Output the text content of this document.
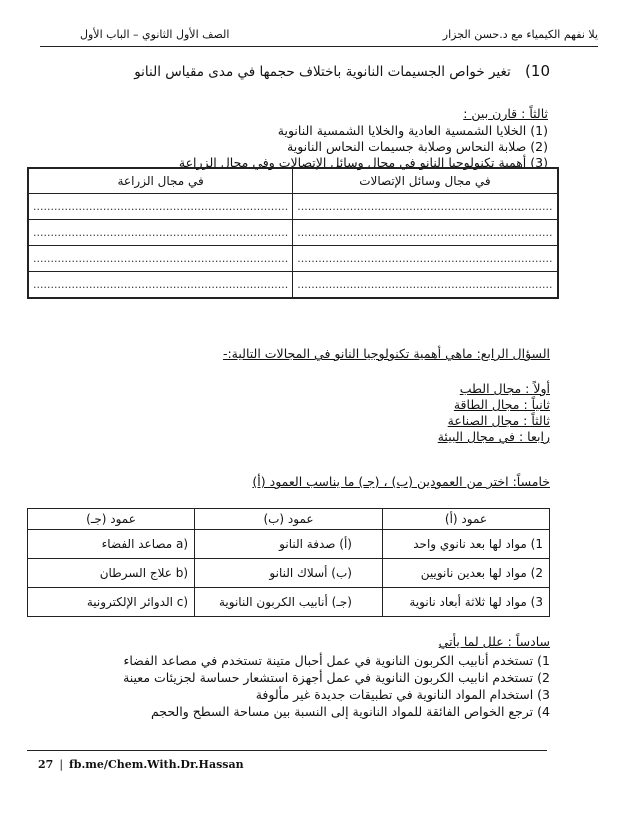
يلا نفهم الكيمياء مع د.حسن الجزار
الصف الأول الثانوي – الباب الأول
10) تغير خواص الجسيمات النانوية باختلاف حجمها في مدى مقياس النانو
ثالثاً : قارن بين :
(1) الخلايا الشمسية العادية والخلايا الشمسية النانوية
(2) صلابة النحاس وصلابة جسيمات النحاس النانوية
(3) أهمية تكنولوجيا النانو في مجال وسائل الإتصالات وفي مجال الزراعة
في مجال وسائل الإتصالات	في مجال الزراعة
.........................................................................	.........................................................................
.........................................................................	.........................................................................
.........................................................................	.........................................................................
.........................................................................	.........................................................................
السؤال الرابع: ماهي أهمية تكنولوجيا النانو في المجالات التالية:-
أولاً : مجال الطب
ثانياً : مجال الطاقة
ثالثاً : مجال الصناعة
رابعا : في مجال البيئة
خامساً: اختر من العمودين (ب) ، (جـ) ما يناسب العمود (أ)
عمود (أ)	عمود (ب)	عمود (جـ)
1) مواد لها بعد نانوي واحد	(أ) صدفة النانو	a) مصاعد الفضاء
2) مواد لها بعدين نانويين	(ب) أسلاك النانو	b) علاج السرطان
3) مواد لها ثلاثة أبعاد نانوية	(جـ) أنابيب الكربون النانوية	c) الدوائر الإلكترونية
سادساً : علل لما يأتي
1) تستخدم أنابيب الكربون النانوية في عمل أحبال متينة تستخدم في مصاعد الفضاء
2) تستخدم انابيب الكربون النانوية في عمل أجهزة استشعار حساسة لجزيئات معينة
3) استخدام المواد النانوية في تطبيقات جديدة غير مألوفة
4) ترجع الخواص الفائقة للمواد النانوية إلى النسبة بين مساحة السطح والحجم
27 | fb.me/Chem.With.Dr.Hassan
